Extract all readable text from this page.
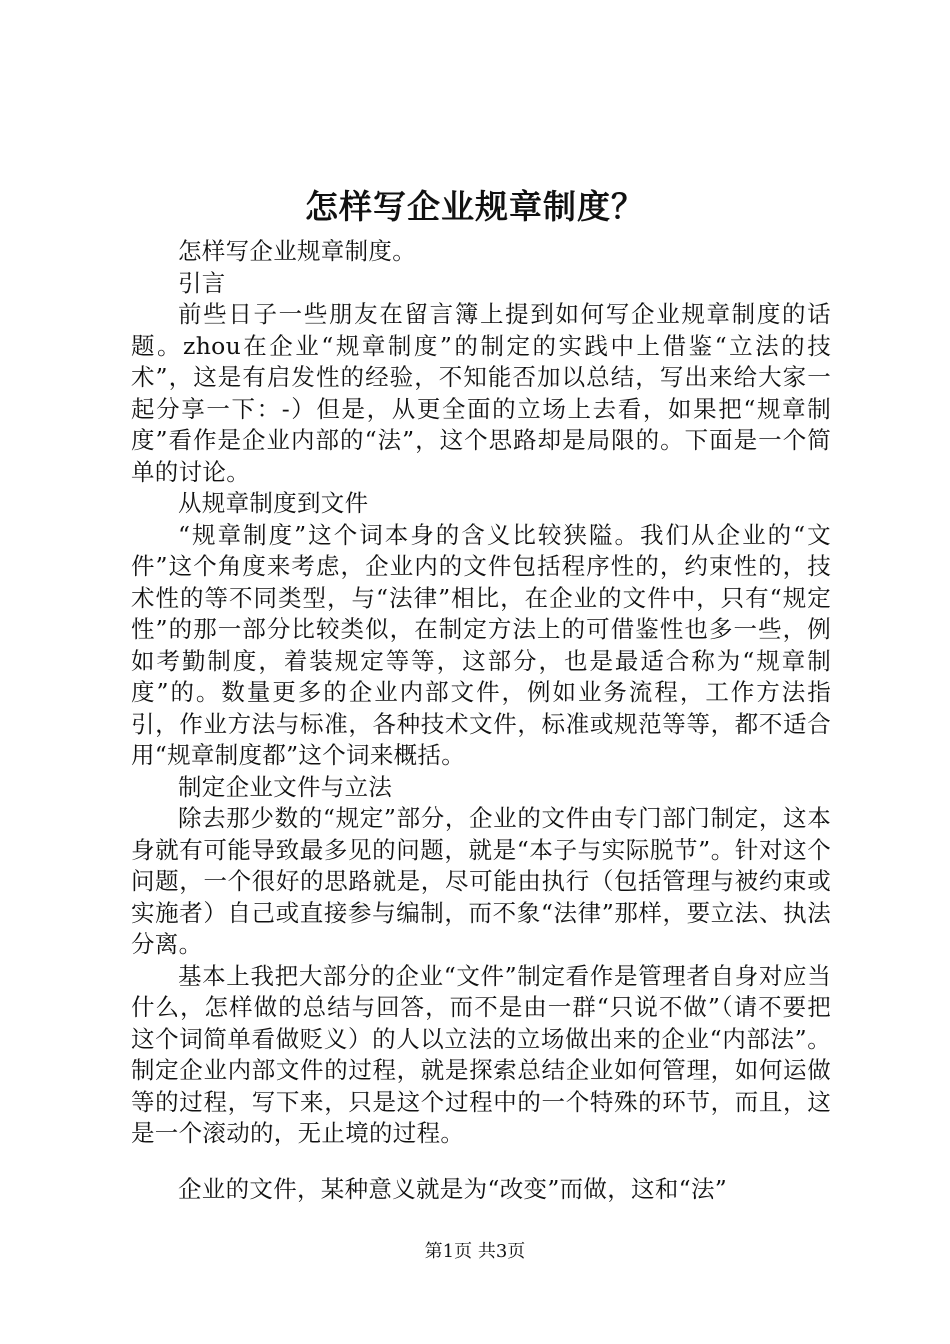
怎样写企业规章制度？

怎样写企业规章制度。

引言

前些日子一些朋友在留言簿上提到如何写企业规章制度的话题。zhou在企业“规章制度”的制定的实践中上借鉴“立法的技术”，这是有启发性的经验，不知能否加以总结，写出来给大家一起分享一下：-）但是，从更全面的立场上去看，如果把“规章制度”看作是企业内部的“法”，这个思路却是局限的。下面是一个简单的讨论。

从规章制度到文件

“规章制度”这个词本身的含义比较狭隘。我们从企业的“文件”这个角度来考虑，企业内的文件包括程序性的，约束性的，技术性的等不同类型，与“法律”相比，在企业的文件中，只有“规定性”的那一部分比较类似，在制定方法上的可借鉴性也多一些，例如考勤制度，着装规定等等，这部分，也是最适合称为“规章制度”的。数量更多的企业内部文件，例如业务流程，工作方法指引，作业方法与标准，各种技术文件，标准或规范等等，都不适合用“规章制度都”这个词来概括。

制定企业文件与立法

除去那少数的“规定”部分，企业的文件由专门部门制定，这本身就有可能导致最多见的问题，就是“本子与实际脱节”。针对这个问题，一个很好的思路就是，尽可能由执行（包括管理与被约束或实施者）自己或直接参与编制，而不象“法律”那样，要立法、执法分离。

基本上我把大部分的企业“文件”制定看作是管理者自身对应当什么，怎样做的总结与回答，而不是由一群“只说不做”（请不要把这个词简单看做贬义）的人以立法的立场做出来的企业“内部法”。制定企业内部文件的过程，就是探索总结企业如何管理，如何运做等的过程，写下来，只是这个过程中的一个特殊的环节，而且，这是一个滚动的，无止境的过程。

企业的文件，某种意义就是为“改变”而做，这和“法”

第1页 共3页
